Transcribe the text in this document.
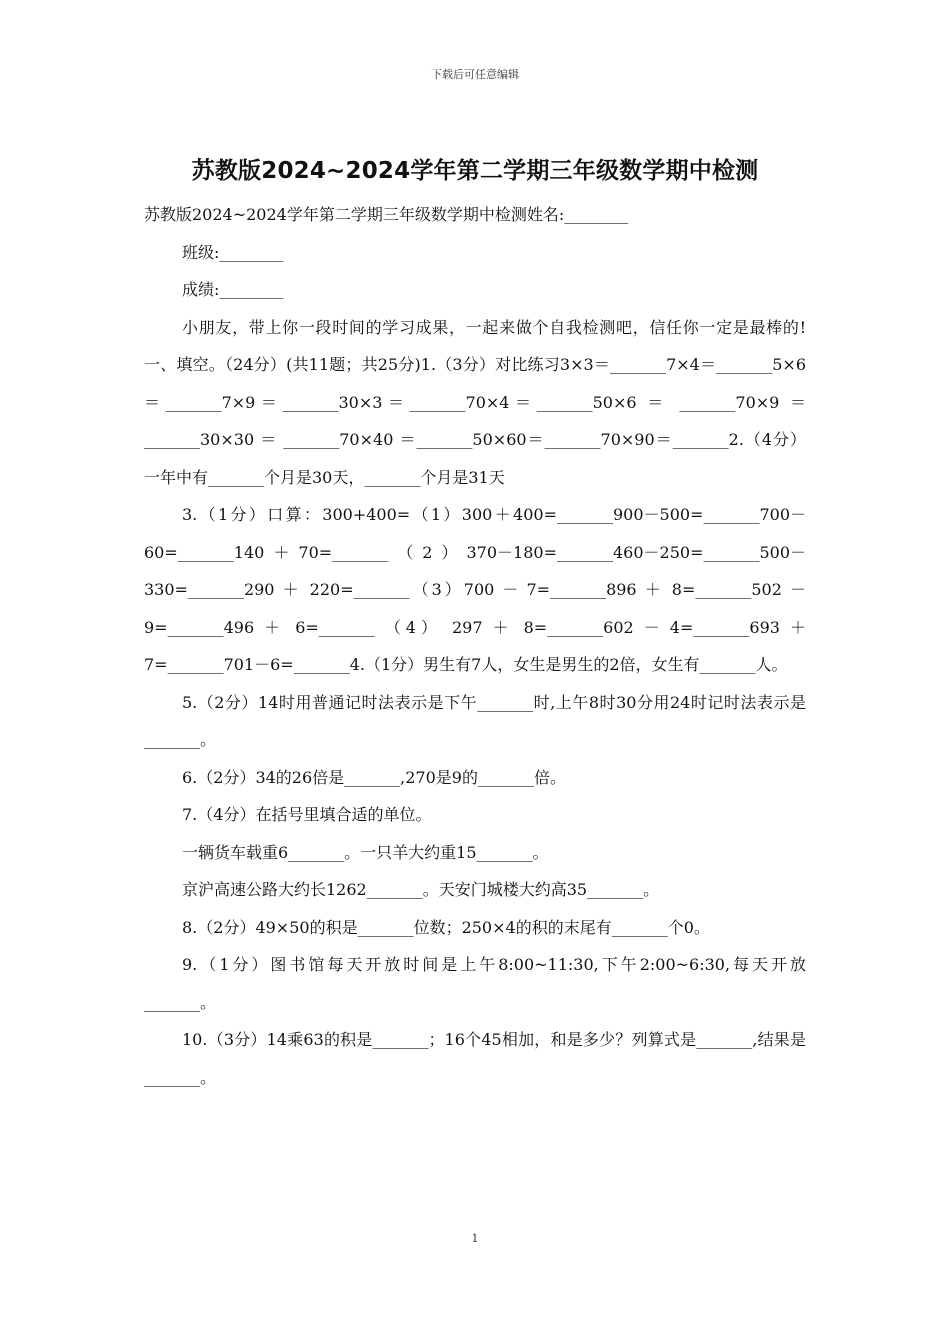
下载后可任意编辑
苏教版2024~2024学年第二学期三年级数学期中检测

苏教版2024~2024学年第二学期三年级数学期中检测姓名:________

班级:________

成绩:________

小朋友，带上你一段时间的学习成果，一起来做个自我检测吧，信任你一定是最棒的!一、填空。（24分）(共11题；共25分)1.（3分）对比练习3×3＝_______7×4＝_______5×6＝_______7×9＝_______30×3＝_______70×4＝_______50×6 ＝ _______70×9 ＝ _______30×30 ＝ _______70×40 ＝_______50×60＝_______70×90＝_______2.（4分）一年中有_______个月是30天，_______个月是31天

3.（1分）口算：300+400=（1）300＋400=_______900－500=_______700－60=_______140＋70=_______（2）370－180=_______460－250=_______500－330=_______290 ＋ 220=_______（3）700 － 7=_______896 ＋ 8=_______502 －9=_______496 ＋ 6=_______ （4） 297 ＋ 8=_______602 － 4=_______693 ＋7=_______701－6=_______4.（1分）男生有7人，女生是男生的2倍，女生有_______人。

5.（2分）14时用普通记时法表示是下午_______时,上午8时30分用24时记时法表示是_______。

6.（2分）34的26倍是_______,270是9的_______倍。

7.（4分）在括号里填合适的单位。

一辆货车载重6_______。一只羊大约重15_______。

京沪高速公路大约长1262_______。天安门城楼大约高35_______。

8.（2分）49×50的积是_______位数；250×4的积的末尾有_______个0。

9.（1分）图书馆每天开放时间是上午8:00~11:30,下午2:00~6:30,每天开放_______。

10.（3分）14乘63的积是_______；16个45相加，和是多少？列算式是_______,结果是_______。

1
